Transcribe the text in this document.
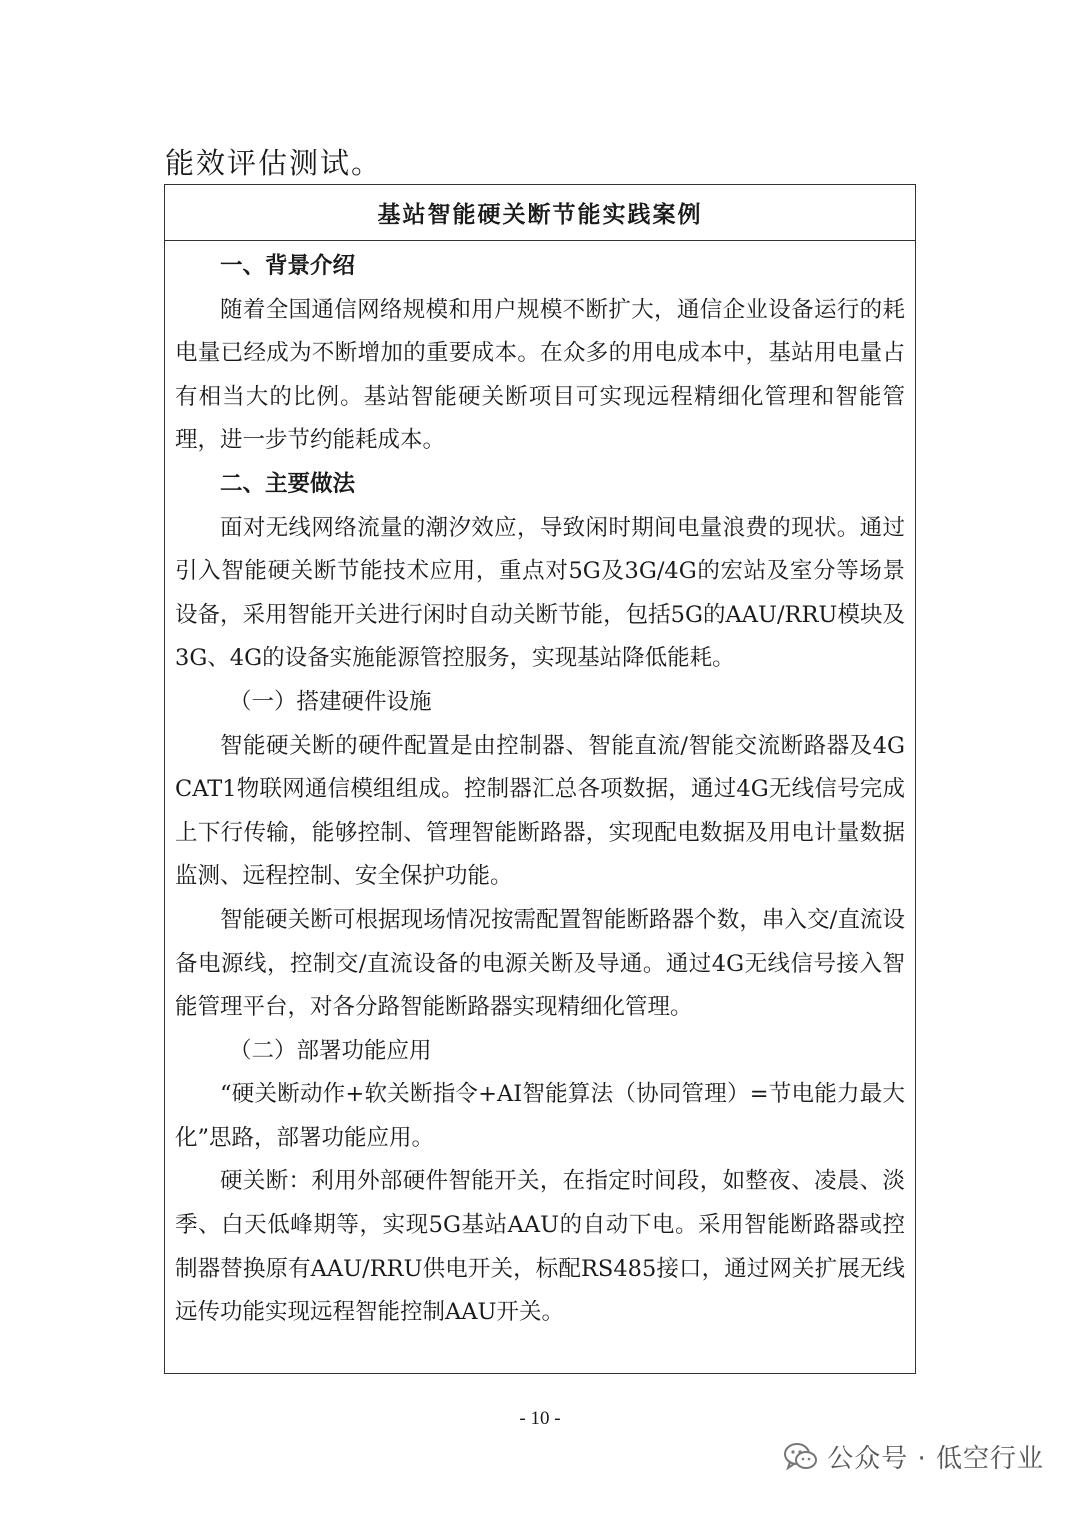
能效评估测试。
基站智能硬关断节能实践案例
一、背景介绍

随着全国通信网络规模和用户规模不断扩大，通信企业设备运行的耗电量已经成为不断增加的重要成本。在众多的用电成本中，基站用电量占有相当大的比例。基站智能硬关断项目可实现远程精细化管理和智能管理，进一步节约能耗成本。

二、主要做法

面对无线网络流量的潮汐效应，导致闲时期间电量浪费的现状。通过引入智能硬关断节能技术应用，重点对5G及3G/4G的宏站及室分等场景设备，采用智能开关进行闲时自动关断节能，包括5G的AAU/RRU模块及3G、4G的设备实施能源管控服务，实现基站降低能耗。

（一）搭建硬件设施

智能硬关断的硬件配置是由控制器、智能直流/智能交流断路器及4G CAT1物联网通信模组组成。控制器汇总各项数据，通过4G无线信号完成上下行传输，能够控制、管理智能断路器，实现配电数据及用电计量数据监测、远程控制、安全保护功能。

智能硬关断可根据现场情况按需配置智能断路器个数，串入交/直流设备电源线，控制交/直流设备的电源关断及导通。通过4G无线信号接入智能管理平台，对各分路智能断路器实现精细化管理。

（二）部署功能应用

“硬关断动作+软关断指令+AI智能算法（协同管理）=节电能力最大化”思路，部署功能应用。

硬关断：利用外部硬件智能开关，在指定时间段，如整夜、凌晨、淡季、白天低峰期等，实现5G基站AAU的自动下电。采用智能断路器或控制器替换原有AAU/RRU供电开关，标配RS485接口，通过网关扩展无线远传功能实现远程智能控制AAU开关。

- 10 -
公众号 · 低空行业
